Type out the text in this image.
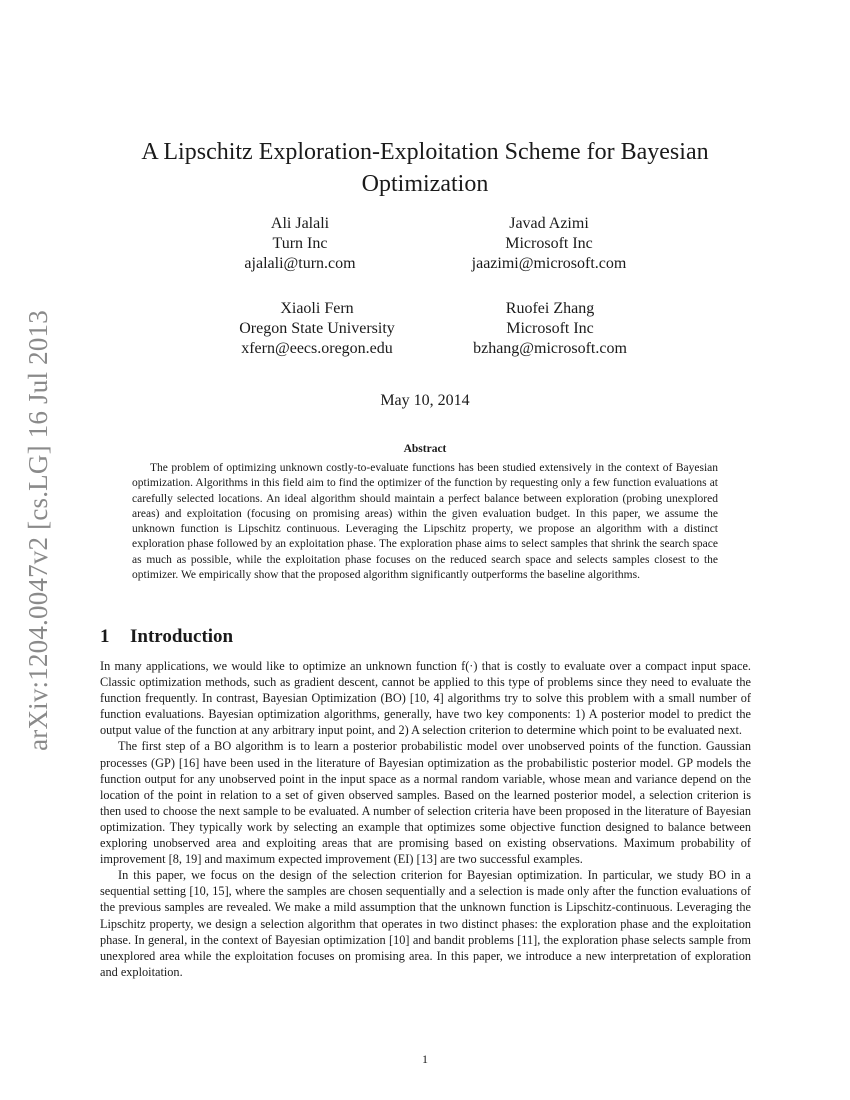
arXiv:1204.0047v2 [cs.LG] 16 Jul 2013
A Lipschitz Exploration-Exploitation Scheme for Bayesian Optimization
Ali Jalali
Turn Inc
ajalali@turn.com
Javad Azimi
Microsoft Inc
jaazimi@microsoft.com
Xiaoli Fern
Oregon State University
xfern@eecs.oregon.edu
Ruofei Zhang
Microsoft Inc
bzhang@microsoft.com
May 10, 2014
Abstract

The problem of optimizing unknown costly-to-evaluate functions has been studied extensively in the context of Bayesian optimization. Algorithms in this field aim to find the optimizer of the function by requesting only a few function evaluations at carefully selected locations. An ideal algorithm should maintain a perfect balance between exploration (probing unexplored areas) and exploitation (focusing on promising areas) within the given evaluation budget. In this paper, we assume the unknown function is Lipschitz continuous. Leveraging the Lipschitz property, we propose an algorithm with a distinct exploration phase followed by an exploitation phase. The exploration phase aims to select samples that shrink the search space as much as possible, while the exploitation phase focuses on the reduced search space and selects samples closest to the optimizer. We empirically show that the proposed algorithm significantly outperforms the baseline algorithms.

1 Introduction

In many applications, we would like to optimize an unknown function f(·) that is costly to evaluate over a compact input space. Classic optimization methods, such as gradient descent, cannot be applied to this type of problems since they need to evaluate the function frequently. In contrast, Bayesian Optimization (BO) [10, 4] algorithms try to solve this problem with a small number of function evaluations. Bayesian optimization algorithms, generally, have two key components: 1) A posterior model to predict the output value of the function at any arbitrary input point, and 2) A selection criterion to determine which point to be evaluated next.

The first step of a BO algorithm is to learn a posterior probabilistic model over unobserved points of the function. Gaussian processes (GP) [16] have been used in the literature of Bayesian optimization as the probabilistic posterior model. GP models the function output for any unobserved point in the input space as a normal random variable, whose mean and variance depend on the location of the point in relation to a set of given observed samples. Based on the learned posterior model, a selection criterion is then used to choose the next sample to be evaluated. A number of selection criteria have been proposed in the literature of Bayesian optimization. They typically work by selecting an example that optimizes some objective function designed to balance between exploring unobserved area and exploiting areas that are promising based on existing observations. Maximum probability of improvement [8, 19] and maximum expected improvement (EI) [13] are two successful examples.

In this paper, we focus on the design of the selection criterion for Bayesian optimization. In particular, we study BO in a sequential setting [10, 15], where the samples are chosen sequentially and a selection is made only after the function evaluations of the previous samples are revealed. We make a mild assumption that the unknown function is Lipschitz-continuous. Leveraging the Lipschitz property, we design a selection algorithm that operates in two distinct phases: the exploration phase and the exploitation phase. In general, in the context of Bayesian optimization [10] and bandit problems [11], the exploration phase selects sample from unexplored area while the exploitation focuses on promising area. In this paper, we introduce a new interpretation of exploration and exploitation.

1
